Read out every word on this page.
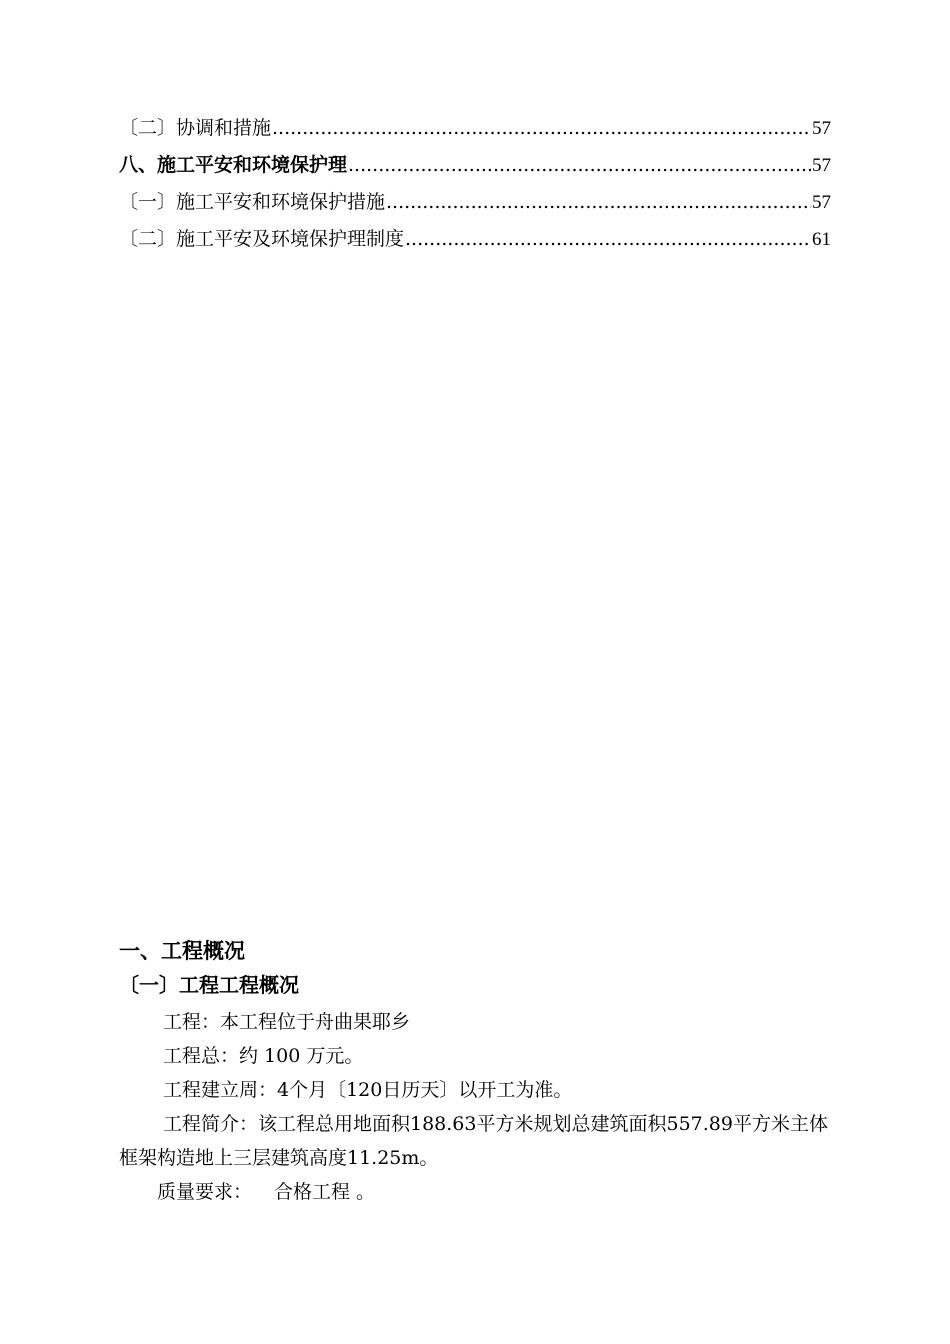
〔二〕协调和措施 .....	57
八、施工平安和环境保护理 .....	57
〔一〕施工平安和环境保护措施 .....	57
〔二〕施工平安及环境保护理制度 .....	61
一、工程概况
〔一〕工程工程概况
工程：本工程位于舟曲果耶乡
工程总：约 100 万元。
工程建立周：4个月〔120日历天〕以开工为准。
工程简介：该工程总用地面积188.63平方米规划总建筑面积557.89平方米主体框架构造地上三层建筑高度11.25m。
质量要求： 合格工程 。
